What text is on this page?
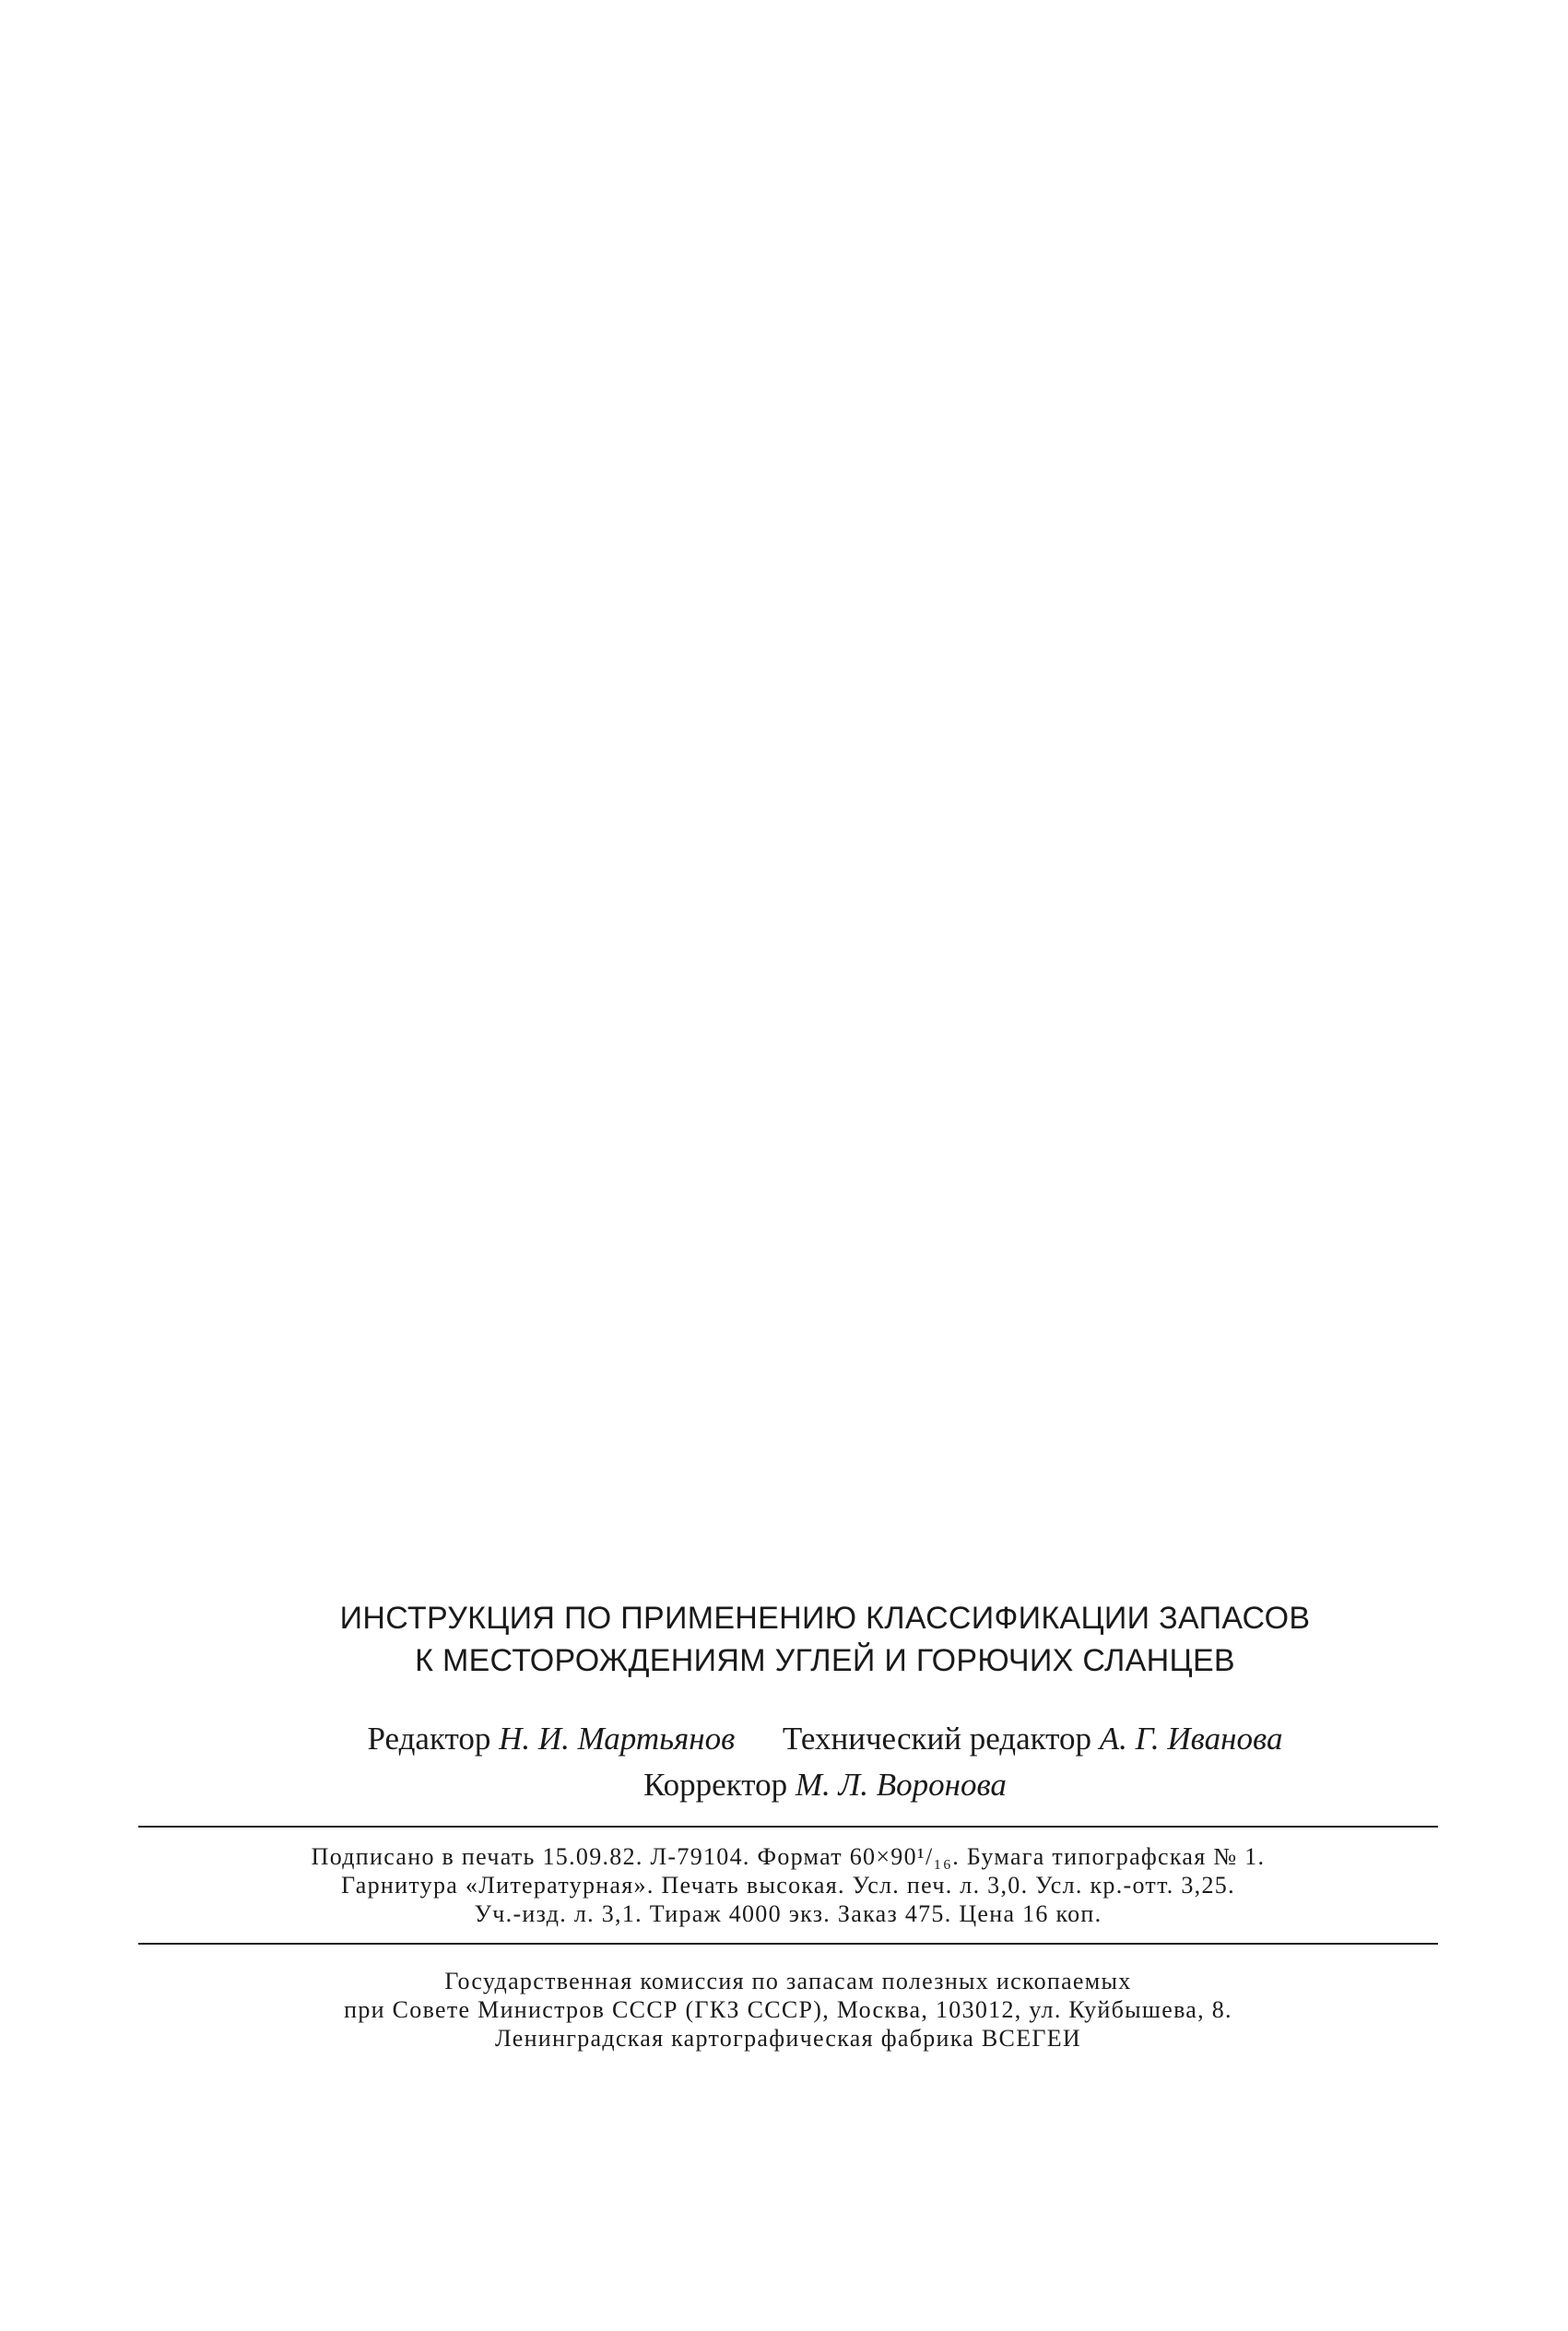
ИНСТРУКЦИЯ ПО ПРИМЕНЕНИЮ КЛАССИФИКАЦИИ ЗАПАСОВ
К МЕСТОРОЖДЕНИЯМ УГЛЕЙ И ГОРЮЧИХ СЛАНЦЕВ
Редактор Н. И. Мартьянов Технический редактор А. Г. Иванова
Корректор М. Л. Воронова
Подписано в печать 15.09.82. Л-79104. Формат 60×90¹/₁₆. Бумага типографская № 1.
Гарнитура «Литературная». Печать высокая. Усл. печ. л. 3,0. Усл. кр.-отт. 3,25.
Уч.-изд. л. 3,1. Тираж 4000 экз. Заказ 475. Цена 16 коп.
Государственная комиссия по запасам полезных ископаемых
при Совете Министров СССР (ГКЗ СССР), Москва, 103012, ул. Куйбышева, 8.
Ленинградская картографическая фабрика ВСЕГЕИ
